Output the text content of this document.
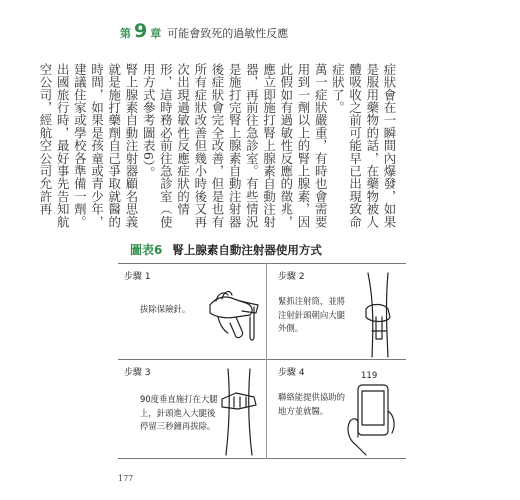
第 9 章 可能會致死的過敏性反應

症狀會在一瞬間內爆發，如果是服用藥物的話，在藥物被人體吸收之前可能早已出現致命症狀了。

萬一症狀嚴重，有時也會需要用到一劑以上的腎上腺素，因此假如有過敏性反應的徵兆，應立即施打腎上腺素自動注射器，再前往急診室。有些情況是施打完腎上腺素自動注射器後症狀會完全改善，但是也有所有症狀改善但幾小時後又再次出現過敏性反應症狀的情形，這時務必前往急診室（使用方式參考圖表6）。

腎上腺素自動注射器顧名思義就是施打藥劑自己爭取就醫的時間，如果是孩童或青少年，建議住家或學校各準備一劑。出國旅行時，最好事先告知航空公司，經航空公司允許再

圖表6 腎上腺素自動注射器使用方式
步驟 1
拔除保險針。
步驟 2
緊抓注射筒，並將
注射針頭朝向大腿
外側。
步驟 3
90度垂直施打在大腿
上，針頭進入大腿後
停留三秒鐘再拔除。
步驟 4
聯絡能提供協助的
地方並就醫。
119
177
